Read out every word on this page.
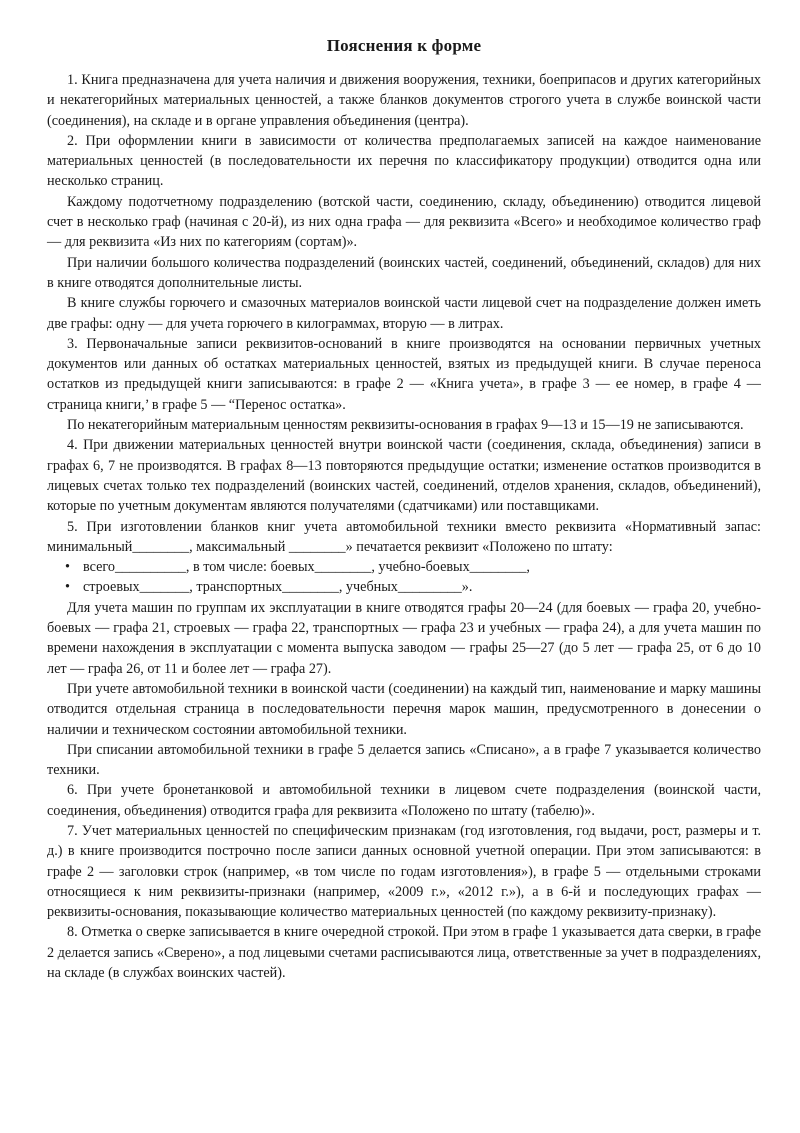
Пояснения к форме

1. Книга предназначена для учета наличия и движения вооружения, техники, боеприпасов и других категорийных и некатегорийных материальных ценностей, а также бланков документов строгого учета в службе воинской части (соединения), на складе и в органе управления объединения (центра).

2. При оформлении книги в зависимости от количества предполагаемых записей на каждое наименование материальных ценностей (в последовательности их перечня по классификатору продукции) отводится одна или несколько страниц.

Каждому подотчетному подразделению (вотской части, соединению, складу, объединению) отводится лицевой счет в несколько граф (начиная с 20-й), из них одна графа — для реквизита «Всего» и необходимое количество граф — для реквизита «Из них по категориям (сортам)».

При наличии большого количества подразделений (воинских частей, соединений, объединений, складов) для них в книге отводятся дополнительные листы.

В книге службы горючего и смазочных материалов воинской части лицевой счет на подразделение должен иметь две графы: одну — для учета горючего в килограммах, вторую — в литрах.

3. Первоначальные записи реквизитов-оснований в книге производятся на основании первичных учетных документов или данных об остатках материальных ценностей, взятых из предыдущей книги. В случае переноса остатков из предыдущей книги записываются: в графе 2 — «Книга учета», в графе 3 — ее номер, в графе 4 — страница книги,’ в графе 5 — “Перенос остатка».

По некатегорийным материальным ценностям реквизиты-основания в графах 9—13 и 15—19 не записываются.

4. При движении материальных ценностей внутри воинской части (соединения, склада, объединения) записи в графах 6, 7 не производятся. В графах 8—13 повторяются предыдущие остатки; изменение остатков производится в лицевых счетах только тех подразделений (воинских частей, соединений, отделов хранения, складов, объединений), которые по учетным документам являются получателями (сдатчиками) или поставщиками.

5. При изготовлении бланков книг учета автомобильной техники вместо реквизита «Нормативный запас: минимальный________, максимальный ________» печатается реквизит «Положено по штату:

• всего__________, в том числе: боевых________, учебно-боевых________,
• строевых_______, транспортных________, учебных_________».

Для учета машин по группам их эксплуатации в книге отводятся графы 20—24 (для боевых — графа 20, учебно-боевых — графа 21, строевых — графа 22, транспортных — графа 23 и учебных — графа 24), а для учета машин по времени нахождения в эксплуатации с момента выпуска заводом — графы 25—27 (до 5 лет — графа 25, от 6 до 10 лет — графа 26, от 11 и более лет — графа 27).

При учете автомобильной техники в воинской части (соединении) на каждый тип, наименование и марку машины отводится отдельная страница в последовательности перечня марок машин, предусмотренного в донесении о наличии и техническом состоянии автомобильной техники.

При списании автомобильной техники в графе 5 делается запись «Списано», а в графе 7 указывается количество техники.

6. При учете бронетанковой и автомобильной техники в лицевом счете подразделения (воинской части, соединения, объединения) отводится графа для реквизита «Положено по штату (табелю)».

7. Учет материальных ценностей по специфическим признакам (год изготовления, год выдачи, рост, размеры и т. д.) в книге производится построчно после записи данных основной учетной операции. При этом записываются: в графе 2 — заголовки строк (например, «в том числе по годам изготовления»), в графе 5 — отдельными строками относящиеся к ним реквизиты-признаки (например, «2009 г.», «2012 г.»), а в 6-й и последующих графах — реквизиты-основания, показывающие количество материальных ценностей (по каждому реквизиту-признаку).

8. Отметка о сверке записывается в книге очередной строкой. При этом в графе 1 указывается дата сверки, в графе 2 делается запись «Сверено», а под лицевыми счетами расписываются лица, ответственные за учет в подразделениях, на складе (в службах воинских частей).
